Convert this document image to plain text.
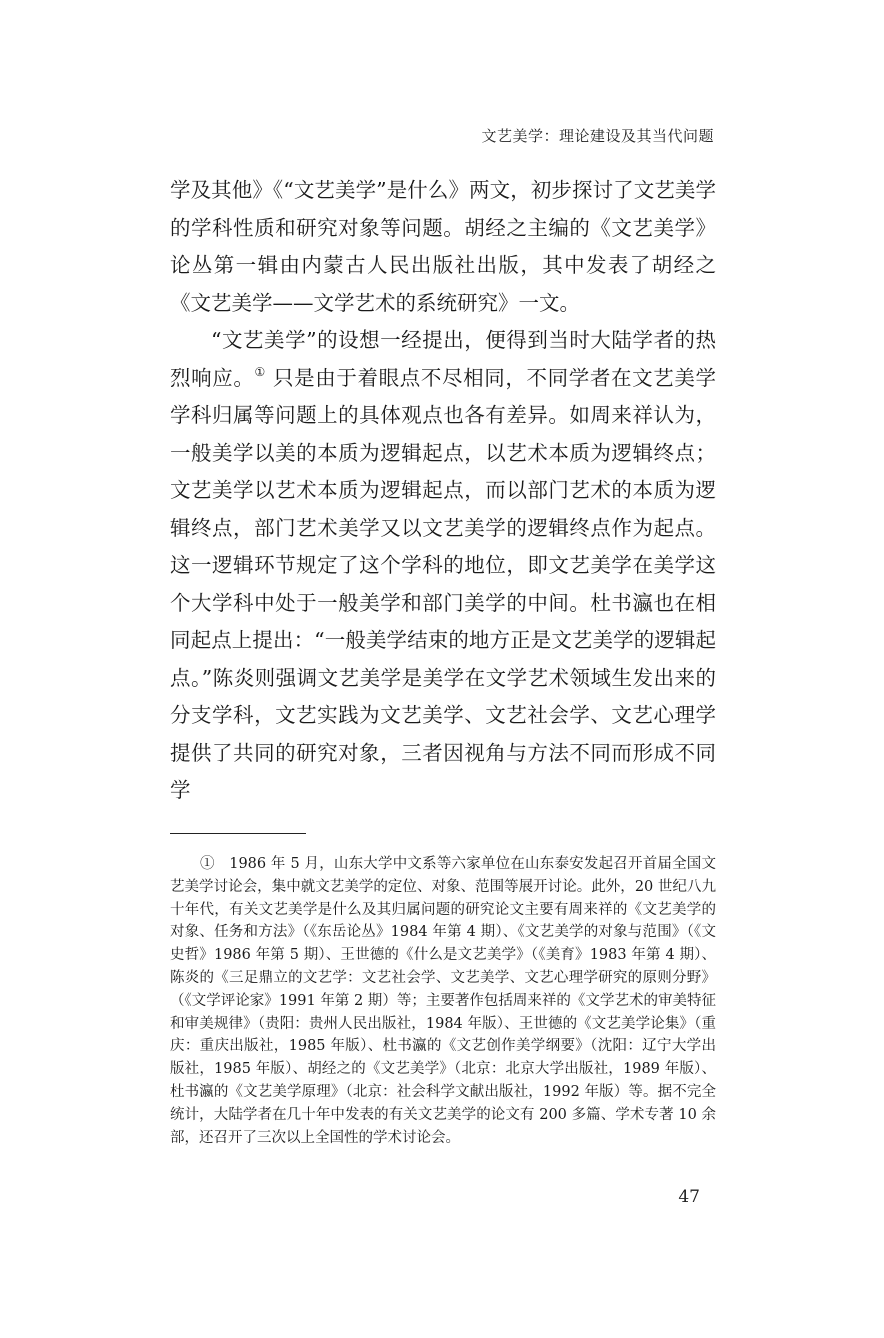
文艺美学：理论建设及其当代问题

学及其他》《“文艺美学”是什么》两文，初步探讨了文艺美学的学科性质和研究对象等问题。胡经之主编的《文艺美学》论丛第一辑由内蒙古人民出版社出版，其中发表了胡经之《文艺美学——文学艺术的系统研究》一文。

“文艺美学”的设想一经提出，便得到当时大陆学者的热烈响应。① 只是由于着眼点不尽相同，不同学者在文艺美学学科归属等问题上的具体观点也各有差异。如周来祥认为，一般美学以美的本质为逻辑起点，以艺术本质为逻辑终点；文艺美学以艺术本质为逻辑起点，而以部门艺术的本质为逻辑终点，部门艺术美学又以文艺美学的逻辑终点作为起点。这一逻辑环节规定了这个学科的地位，即文艺美学在美学这个大学科中处于一般美学和部门美学的中间。杜书瀛也在相同起点上提出：“一般美学结束的地方正是文艺美学的逻辑起点。”陈炎则强调文艺美学是美学在文学艺术领域生发出来的分支学科，文艺实践为文艺美学、文艺社会学、文艺心理学提供了共同的研究对象，三者因视角与方法不同而形成不同学

①  1986 年 5 月，山东大学中文系等六家单位在山东泰安发起召开首届全国文艺美学讨论会，集中就文艺美学的定位、对象、范围等展开讨论。此外，20 世纪八九十年代，有关文艺美学是什么及其归属问题的研究论文主要有周来祥的《文艺美学的对象、任务和方法》（《东岳论丛》1984 年第 4 期）、《文艺美学的对象与范围》（《文史哲》1986 年第 5 期）、王世德的《什么是文艺美学》（《美育》1983 年第 4 期）、陈炎的《三足鼎立的文艺学：文艺社会学、文艺美学、文艺心理学研究的原则分野》（《文学评论家》1991 年第 2 期）等；主要著作包括周来祥的《文学艺术的审美特征和审美规律》（贵阳：贵州人民出版社，1984 年版）、王世德的《文艺美学论集》（重庆：重庆出版社，1985 年版）、杜书瀛的《文艺创作美学纲要》（沈阳：辽宁大学出版社，1985 年版）、胡经之的《文艺美学》（北京：北京大学出版社，1989 年版）、杜书瀛的《文艺美学原理》（北京：社会科学文献出版社，1992 年版）等。据不完全统计，大陆学者在几十年中发表的有关文艺美学的论文有 200 多篇、学术专著 10 余部，还召开了三次以上全国性的学术讨论会。

47
